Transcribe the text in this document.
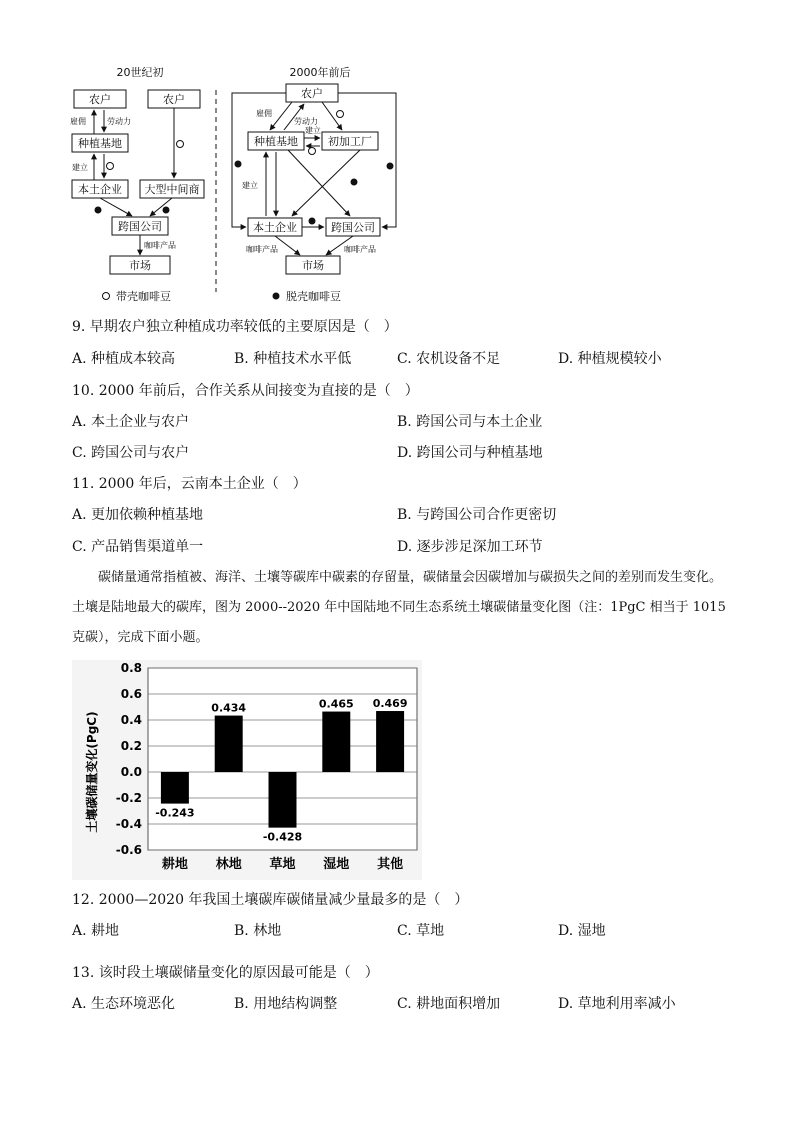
20世纪初	2000年前后
农户	农户
种植基地
本土企业 大型中间商
跨国公司
市场
雇佣	劳动力
建立
咖啡产品
农户
种植基地	初加工厂
本土企业	跨国公司
市场
雇佣
劳动力
建立
建立
咖啡产品	咖啡产品
带壳咖啡豆	脱壳咖啡豆
9. 早期农户独立种植成功率较低的主要原因是（　）
A. 种植成本较高	B. 种植技术水平低	C. 农机设备不足	D. 种植规模较小
10. 2000 年前后，合作关系从间接变为直接的是（　）
A. 本土企业与农户	B. 跨国公司与本土企业
C. 跨国公司与农户	D. 跨国公司与种植基地
11. 2000 年后，云南本土企业（　）
A. 更加依赖种植基地	B. 与跨国公司合作更密切
C. 产品销售渠道单一	D. 逐步涉足深加工环节
碳储量通常指植被、海洋、土壤等碳库中碳素的存留量，碳储量会因碳增加与碳损失之间的差别而发生变化。土壤是陆地最大的碳库，图为 2000--2020 年中国陆地不同生态系统土壤碳储量变化图（注：1PgC 相当于 1015 克碳），完成下面小题。
-0.6
-0.4
-0.2
0.0
0.2
0.4
0.6
0.8
-0.243
0.434
-0.428
0.465 0.469
耕地 林地 草地 湿地 其他
土壤碳储量变化(PgC)
12. 2000—2020 年我国土壤碳库碳储量减少量最多的是（　）
A. 耕地	B. 林地	C. 草地	D. 湿地
13. 该时段土壤碳储量变化的原因最可能是（　）
A. 生态环境恶化	B. 用地结构调整	C. 耕地面积增加	D. 草地利用率减小
